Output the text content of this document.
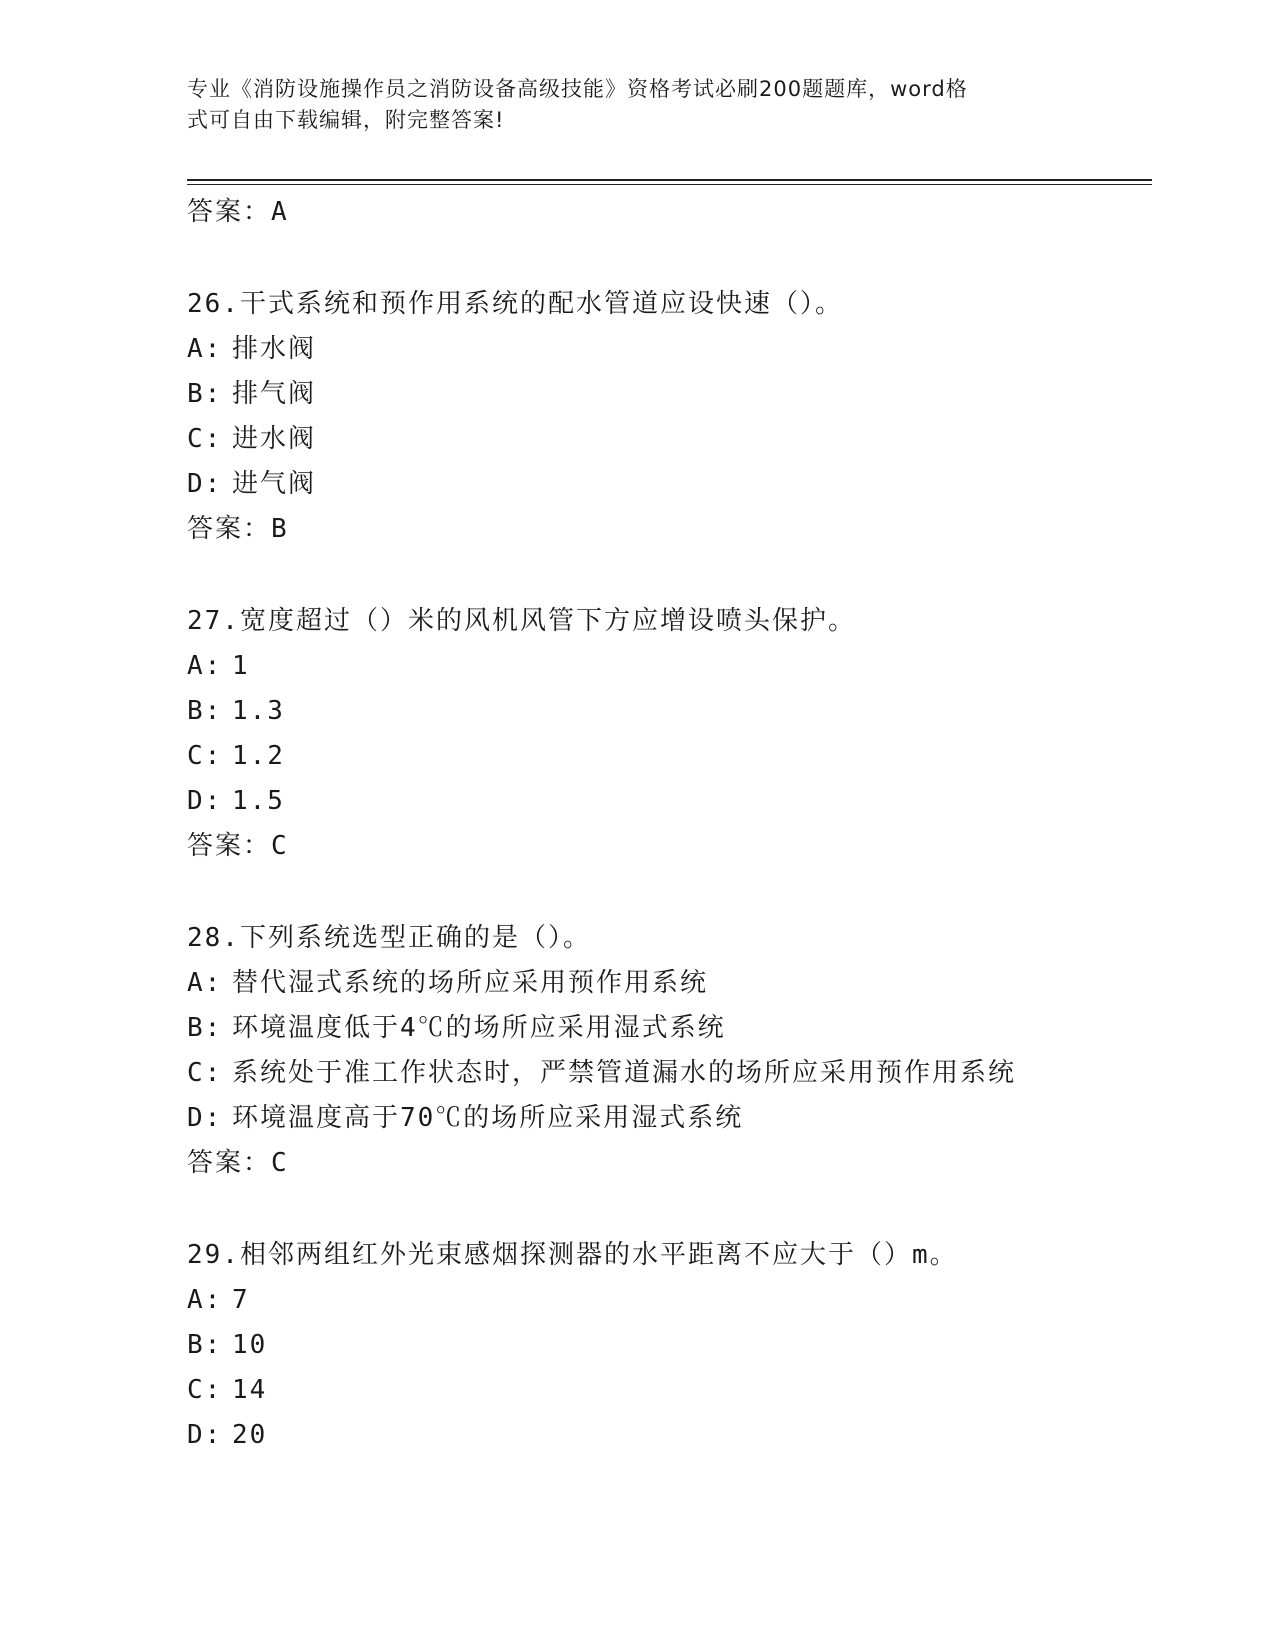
专业《消防设施操作员之消防设备高级技能》资格考试必刷200题题库，word格
式可自由下载编辑，附完整答案!
答案：A
26.干式系统和预作用系统的配水管道应设快速（）。
A: 排水阀
B: 排气阀
C: 进水阀
D: 进气阀
答案：B
27.宽度超过（）米的风机风管下方应增设喷头保护。
A: 1
B: 1.3
C: 1.2
D: 1.5
答案：C
28.下列系统选型正确的是（）。
A: 替代湿式系统的场所应采用预作用系统
B: 环境温度低于4℃的场所应采用湿式系统
C: 系统处于准工作状态时，严禁管道漏水的场所应采用预作用系统
D: 环境温度高于70℃的场所应采用湿式系统
答案：C
29.相邻两组红外光束感烟探测器的水平距离不应大于（）m。
A: 7
B: 10
C: 14
D: 20
